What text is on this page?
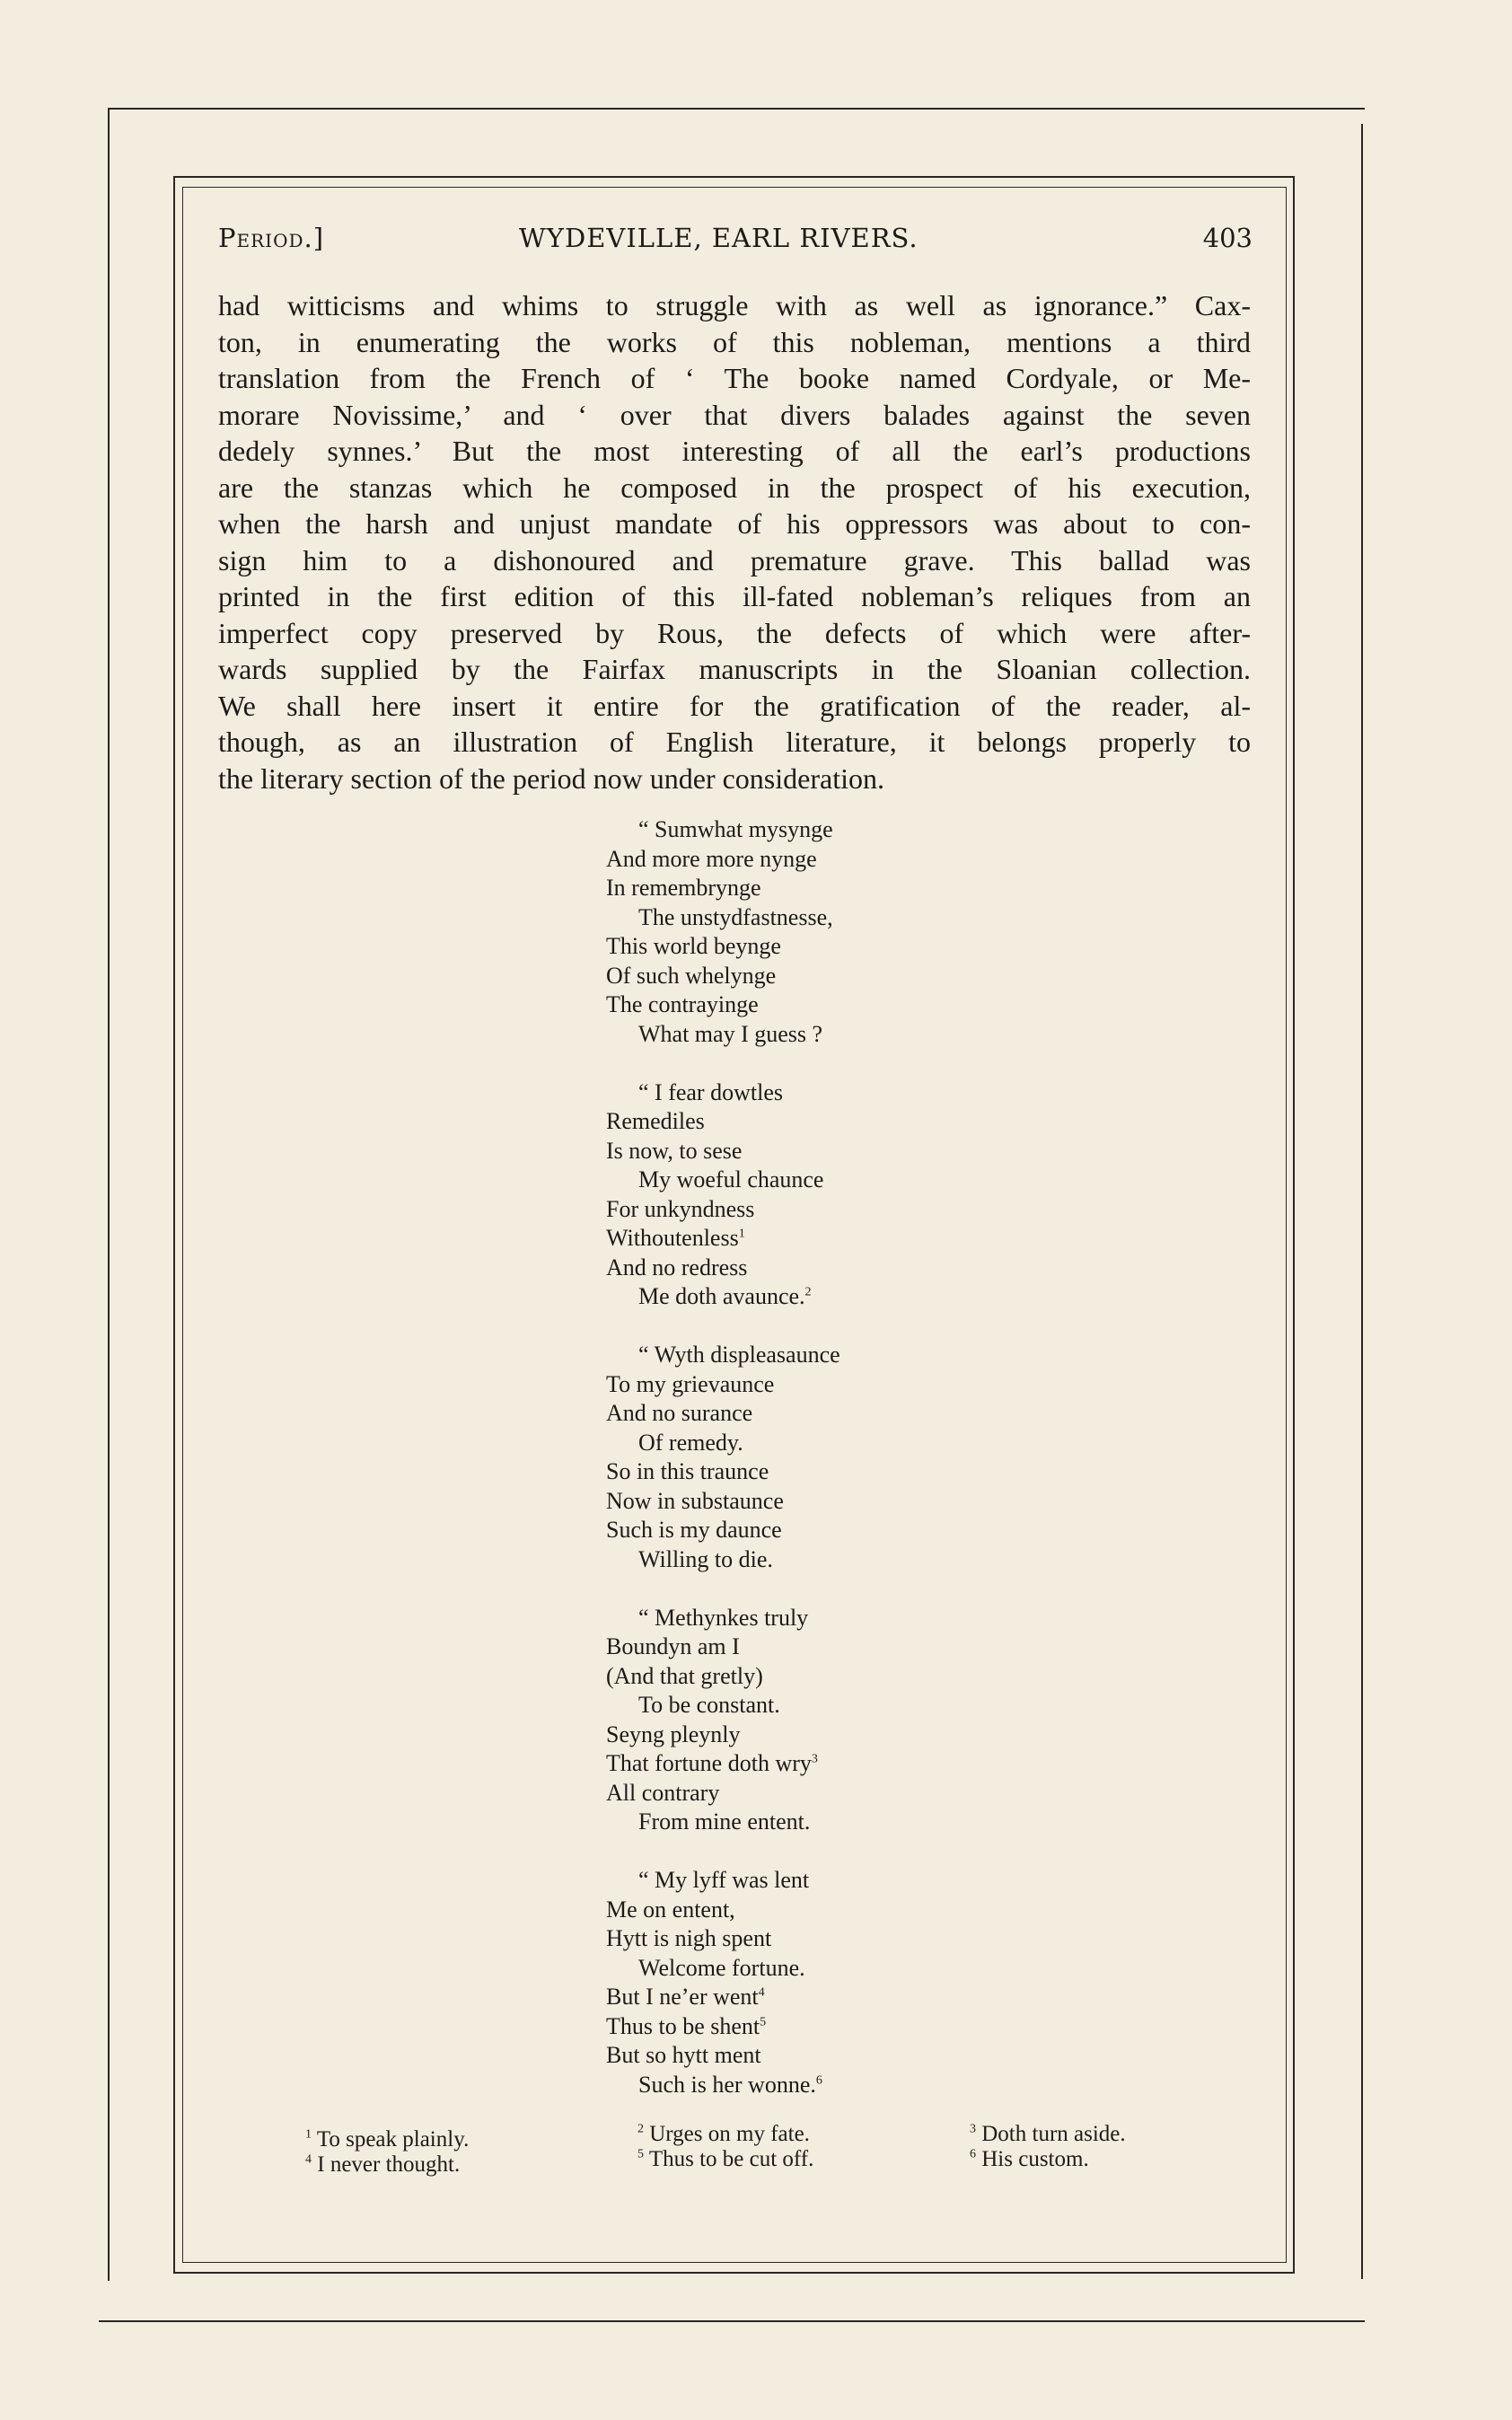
Period.]	WYDEVILLE, EARL RIVERS.	403
had witticisms and whims to struggle with as well as ignorance.” Cax-
ton, in enumerating the works of this nobleman, mentions a third
translation from the French of ‘ The booke named Cordyale, or Me-
morare Novissime,’ and ‘ over that divers balades against the seven
dedely synnes.’ But the most interesting of all the earl’s productions
are the stanzas which he composed in the prospect of his execution,
when the harsh and unjust mandate of his oppressors was about to con-
sign him to a dishonoured and premature grave. This ballad was
printed in the first edition of this ill-fated nobleman’s reliques from an
imperfect copy preserved by Rous, the defects of which were after-
wards supplied by the Fairfax manuscripts in the Sloanian collection.
We shall here insert it entire for the gratification of the reader, al-
though, as an illustration of English literature, it belongs properly to
the literary section of the period now under consideration.
“ Sumwhat mysynge
And more more nynge
In remembrynge
The unstydfastnesse,
This world beynge
Of such whelynge
The contrayinge
What may I guess ?
“ I fear dowtles
Remediles
Is now, to sese
My woeful chaunce
For unkyndness
Withoutenless$^1$
And no redress
Me doth avaunce.$^2$
“ Wyth displeasaunce
To my grievaunce
And no surance
Of remedy.
So in this traunce
Now in substaunce
Such is my daunce
Willing to die.
“ Methynkes truly
Boundyn am I
(And that gretly)
To be constant.
Seyng pleynly
That fortune doth wry$^3$
All contrary
From mine entent.
“ My lyff was lent
Me on entent,
Hytt is nigh spent
Welcome fortune.
But I ne’er went$^4$
Thus to be shent$^5$
But so hytt ment
Such is her wonne.$^6$
$^1$ To speak plainly.
$^4$ I never thought.
$^2$ Urges on my fate.
$^5$ Thus to be cut off.
$^3$ Doth turn aside.
$^6$ His custom.
